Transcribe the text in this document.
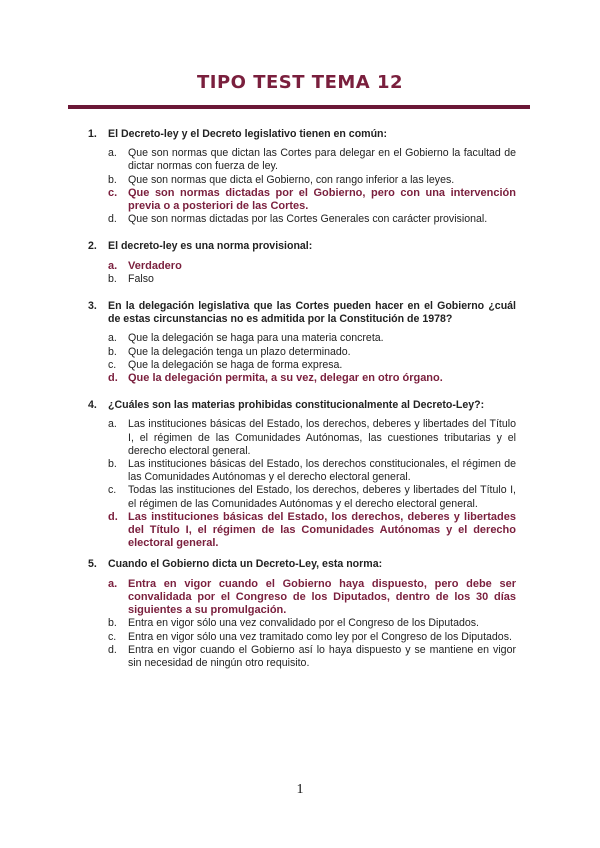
TIPO TEST TEMA 12
1.	El Decreto-ley y el Decreto legislativo tienen en común:
a.	Que son normas que dictan las Cortes para delegar en el Gobierno la facultad de dictar normas con fuerza de ley.
b.	Que son normas que dicta el Gobierno, con rango inferior a las leyes.
c. Que son normas dictadas por el Gobierno, pero con una intervención previa o a posteriori de las Cortes.
d.	Que son normas dictadas por las Cortes Generales con carácter provisional.
2.	El decreto-ley es una norma provisional:
a. Verdadero
b.	Falso
3.	En la delegación legislativa que las Cortes pueden hacer en el Gobierno ¿cuál de estas circunstancias no es admitida por la Constitución de 1978?
a.	Que la delegación se haga para una materia concreta.
b.	Que la delegación tenga un plazo determinado.
c.	Que la delegación se haga de forma expresa.
d. Que la delegación permita, a su vez, delegar en otro órgano.
4.	¿Cuáles son las materias prohibidas constitucionalmente al Decreto-Ley?:
a.	Las instituciones básicas del Estado, los derechos, deberes y libertades del Título I, el régimen de las Comunidades Autónomas, las cuestiones tributarias y el derecho electoral general.
b.	Las instituciones básicas del Estado, los derechos constitucionales, el régimen de las Comunidades Autónomas y el derecho electoral general.
c.	Todas las instituciones del Estado, los derechos, deberes y libertades del Título I, el régimen de las Comunidades Autónomas y el derecho electoral general.
d. Las instituciones básicas del Estado, los derechos, deberes y libertades del Título I, el régimen de las Comunidades Autónomas y el derecho electoral general.
5.	Cuando el Gobierno dicta un Decreto-Ley, esta norma:
a. Entra en vigor cuando el Gobierno haya dispuesto, pero debe ser convalidada por el Congreso de los Diputados, dentro de los 30 días siguientes a su promulgación.
b.	Entra en vigor sólo una vez convalidado por el Congreso de los Diputados.
c.	Entra en vigor sólo una vez tramitado como ley por el Congreso de los Diputados.
d.	Entra en vigor cuando el Gobierno así lo haya dispuesto y se mantiene en vigor sin necesidad de ningún otro requisito.
1
